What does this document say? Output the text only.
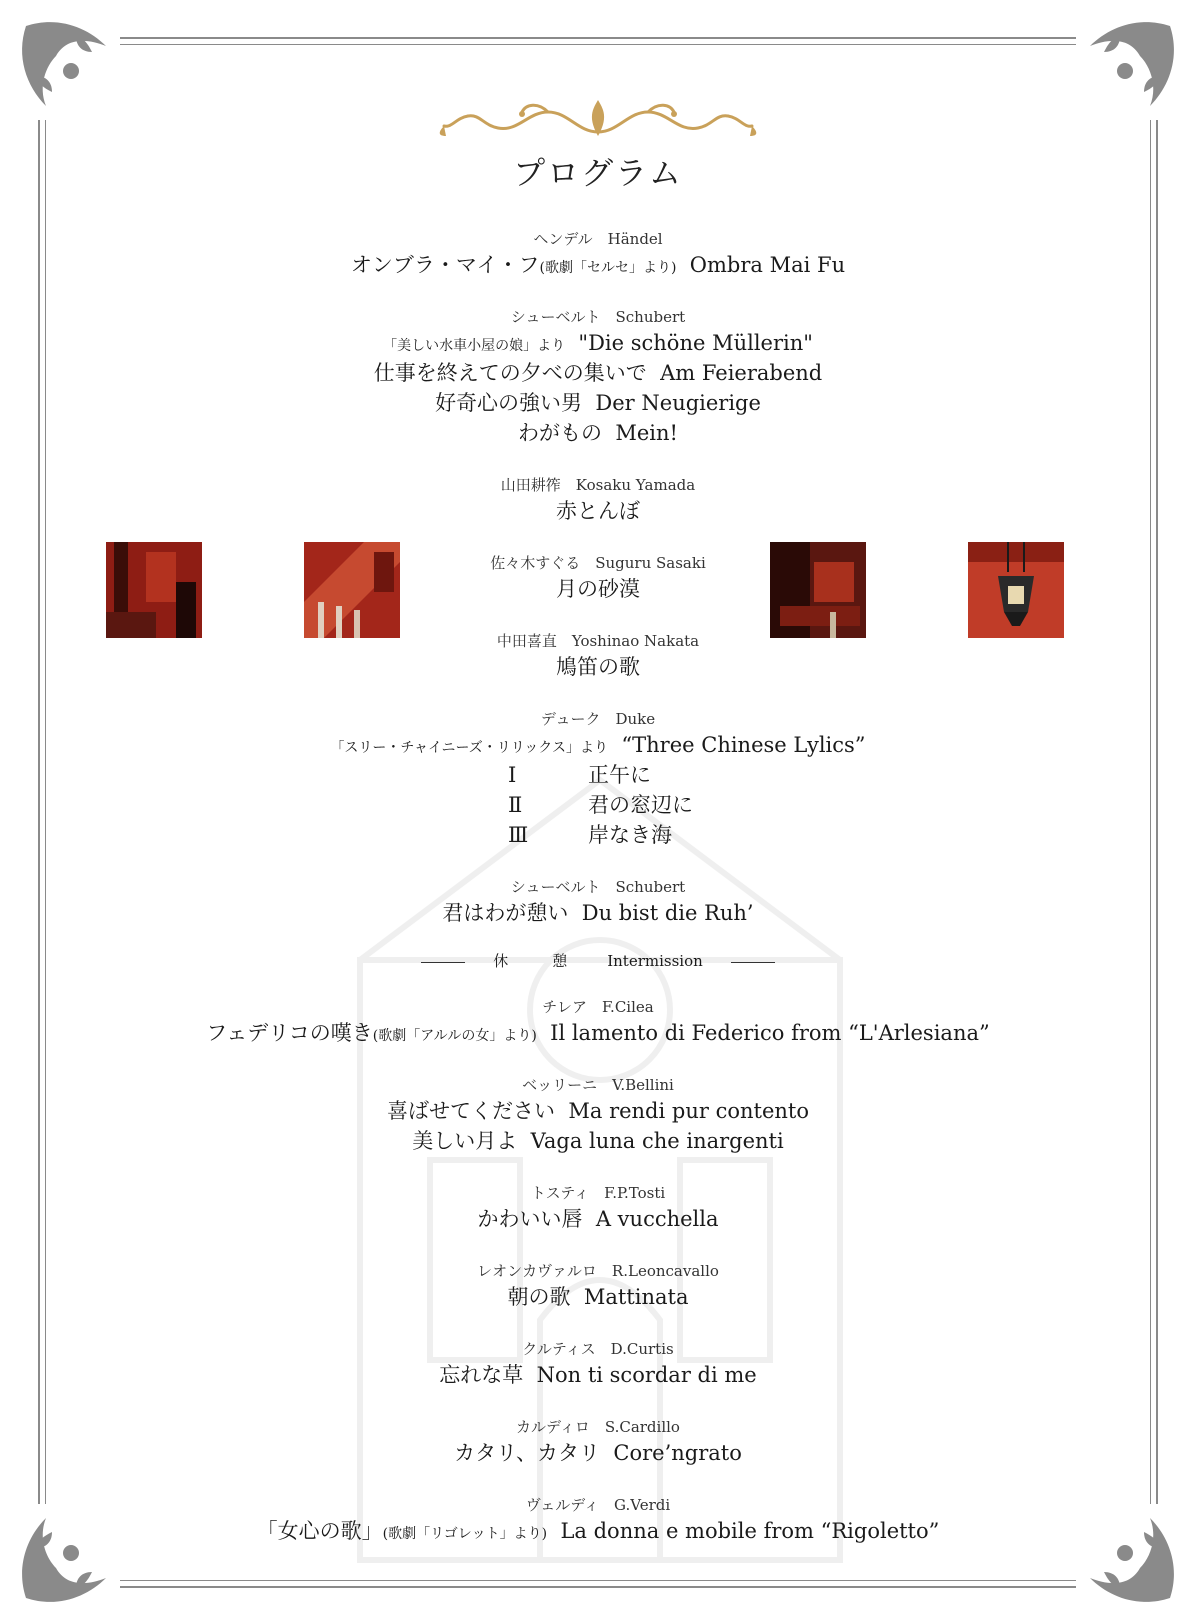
プログラム
ヘンデル　Händel
オンブラ・マイ・フ(歌劇「セルセ」より)  Ombra Mai Fu
シューベルト　Schubert
「美しい水車小屋の娘」より  "Die schöne Müllerin"
仕事を終えての夕べの集いで  Am Feierabend
好奇心の強い男  Der Neugierige
わがもの  Mein!
山田耕筰　Kosaku Yamada
赤とんぼ
佐々木すぐる　Suguru Sasaki
月の砂漠
中田喜直　Yoshinao Nakata
鳩笛の歌
デューク　Duke
「スリー・チャイニーズ・リリックス」より  “Three Chinese Lylics”
Ⅰ	正午に
Ⅱ	君の窓辺に
Ⅲ	岸なき海
シューベルト　Schubert
君はわが憩い  Du bist die Ruh’
休	憩	Intermission
チレア　F.Cilea
フェデリコの嘆き(歌劇「アルルの女」より)  Il lamento di Federico from “L'Arlesiana”
ベッリーニ　V.Bellini
喜ばせてください  Ma rendi pur contento
美しい月よ  Vaga luna che inargenti
トスティ　F.P.Tosti
かわいい唇  A vucchella
レオンカヴァルロ　R.Leoncavallo
朝の歌  Mattinata
クルティス　D.Curtis
忘れな草  Non ti scordar di me
カルディロ　S.Cardillo
カタリ、カタリ  Core’ngrato
ヴェルディ　G.Verdi
「女心の歌」(歌劇「リゴレット」より)  La donna e mobile from “Rigoletto”
